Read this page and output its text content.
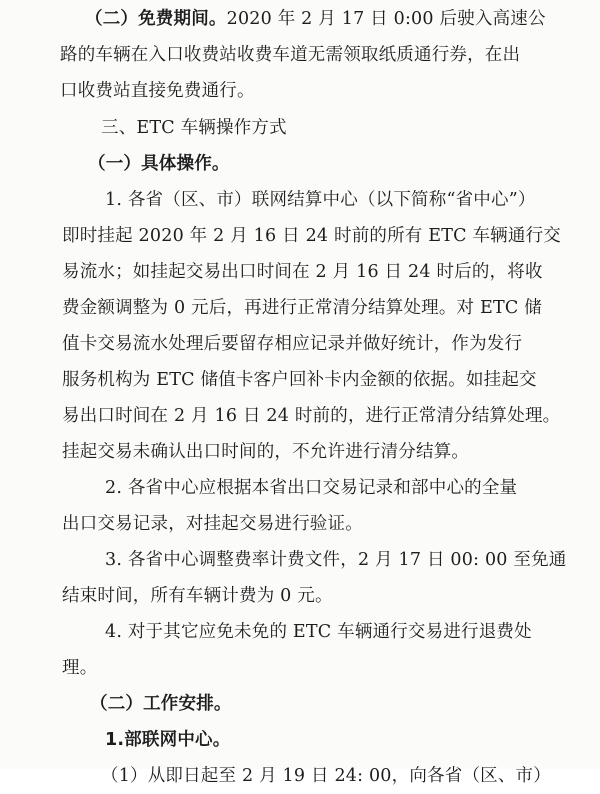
（二）免费期间。2020 年 2 月 17 日 0:00 后驶入高速公
路的车辆在入口收费站收费车道无需领取纸质通行券，在出
口收费站直接免费通行。
三、ETC 车辆操作方式
（一）具体操作。
1. 各省（区、市）联网结算中心（以下简称“省中心”）
即时挂起 2020 年 2 月 16 日 24 时前的所有 ETC 车辆通行交
易流水；如挂起交易出口时间在 2 月 16 日 24 时后的，将收
费金额调整为 0 元后，再进行正常清分结算处理。对 ETC 储
值卡交易流水处理后要留存相应记录并做好统计，作为发行
服务机构为 ETC 储值卡客户回补卡内金额的依据。如挂起交
易出口时间在 2 月 16 日 24 时前的，进行正常清分结算处理。
挂起交易未确认出口时间的，不允许进行清分结算。
2. 各省中心应根据本省出口交易记录和部中心的全量
出口交易记录，对挂起交易进行验证。
3. 各省中心调整费率计费文件，2 月 17 日 00: 00 至免通
结束时间，所有车辆计费为 0 元。
4. 对于其它应免未免的 ETC 车辆通行交易进行退费处
理。
（二）工作安排。
1.部联网中心。
（1）从即日起至 2 月 19 日 24: 00，向各省（区、市）
